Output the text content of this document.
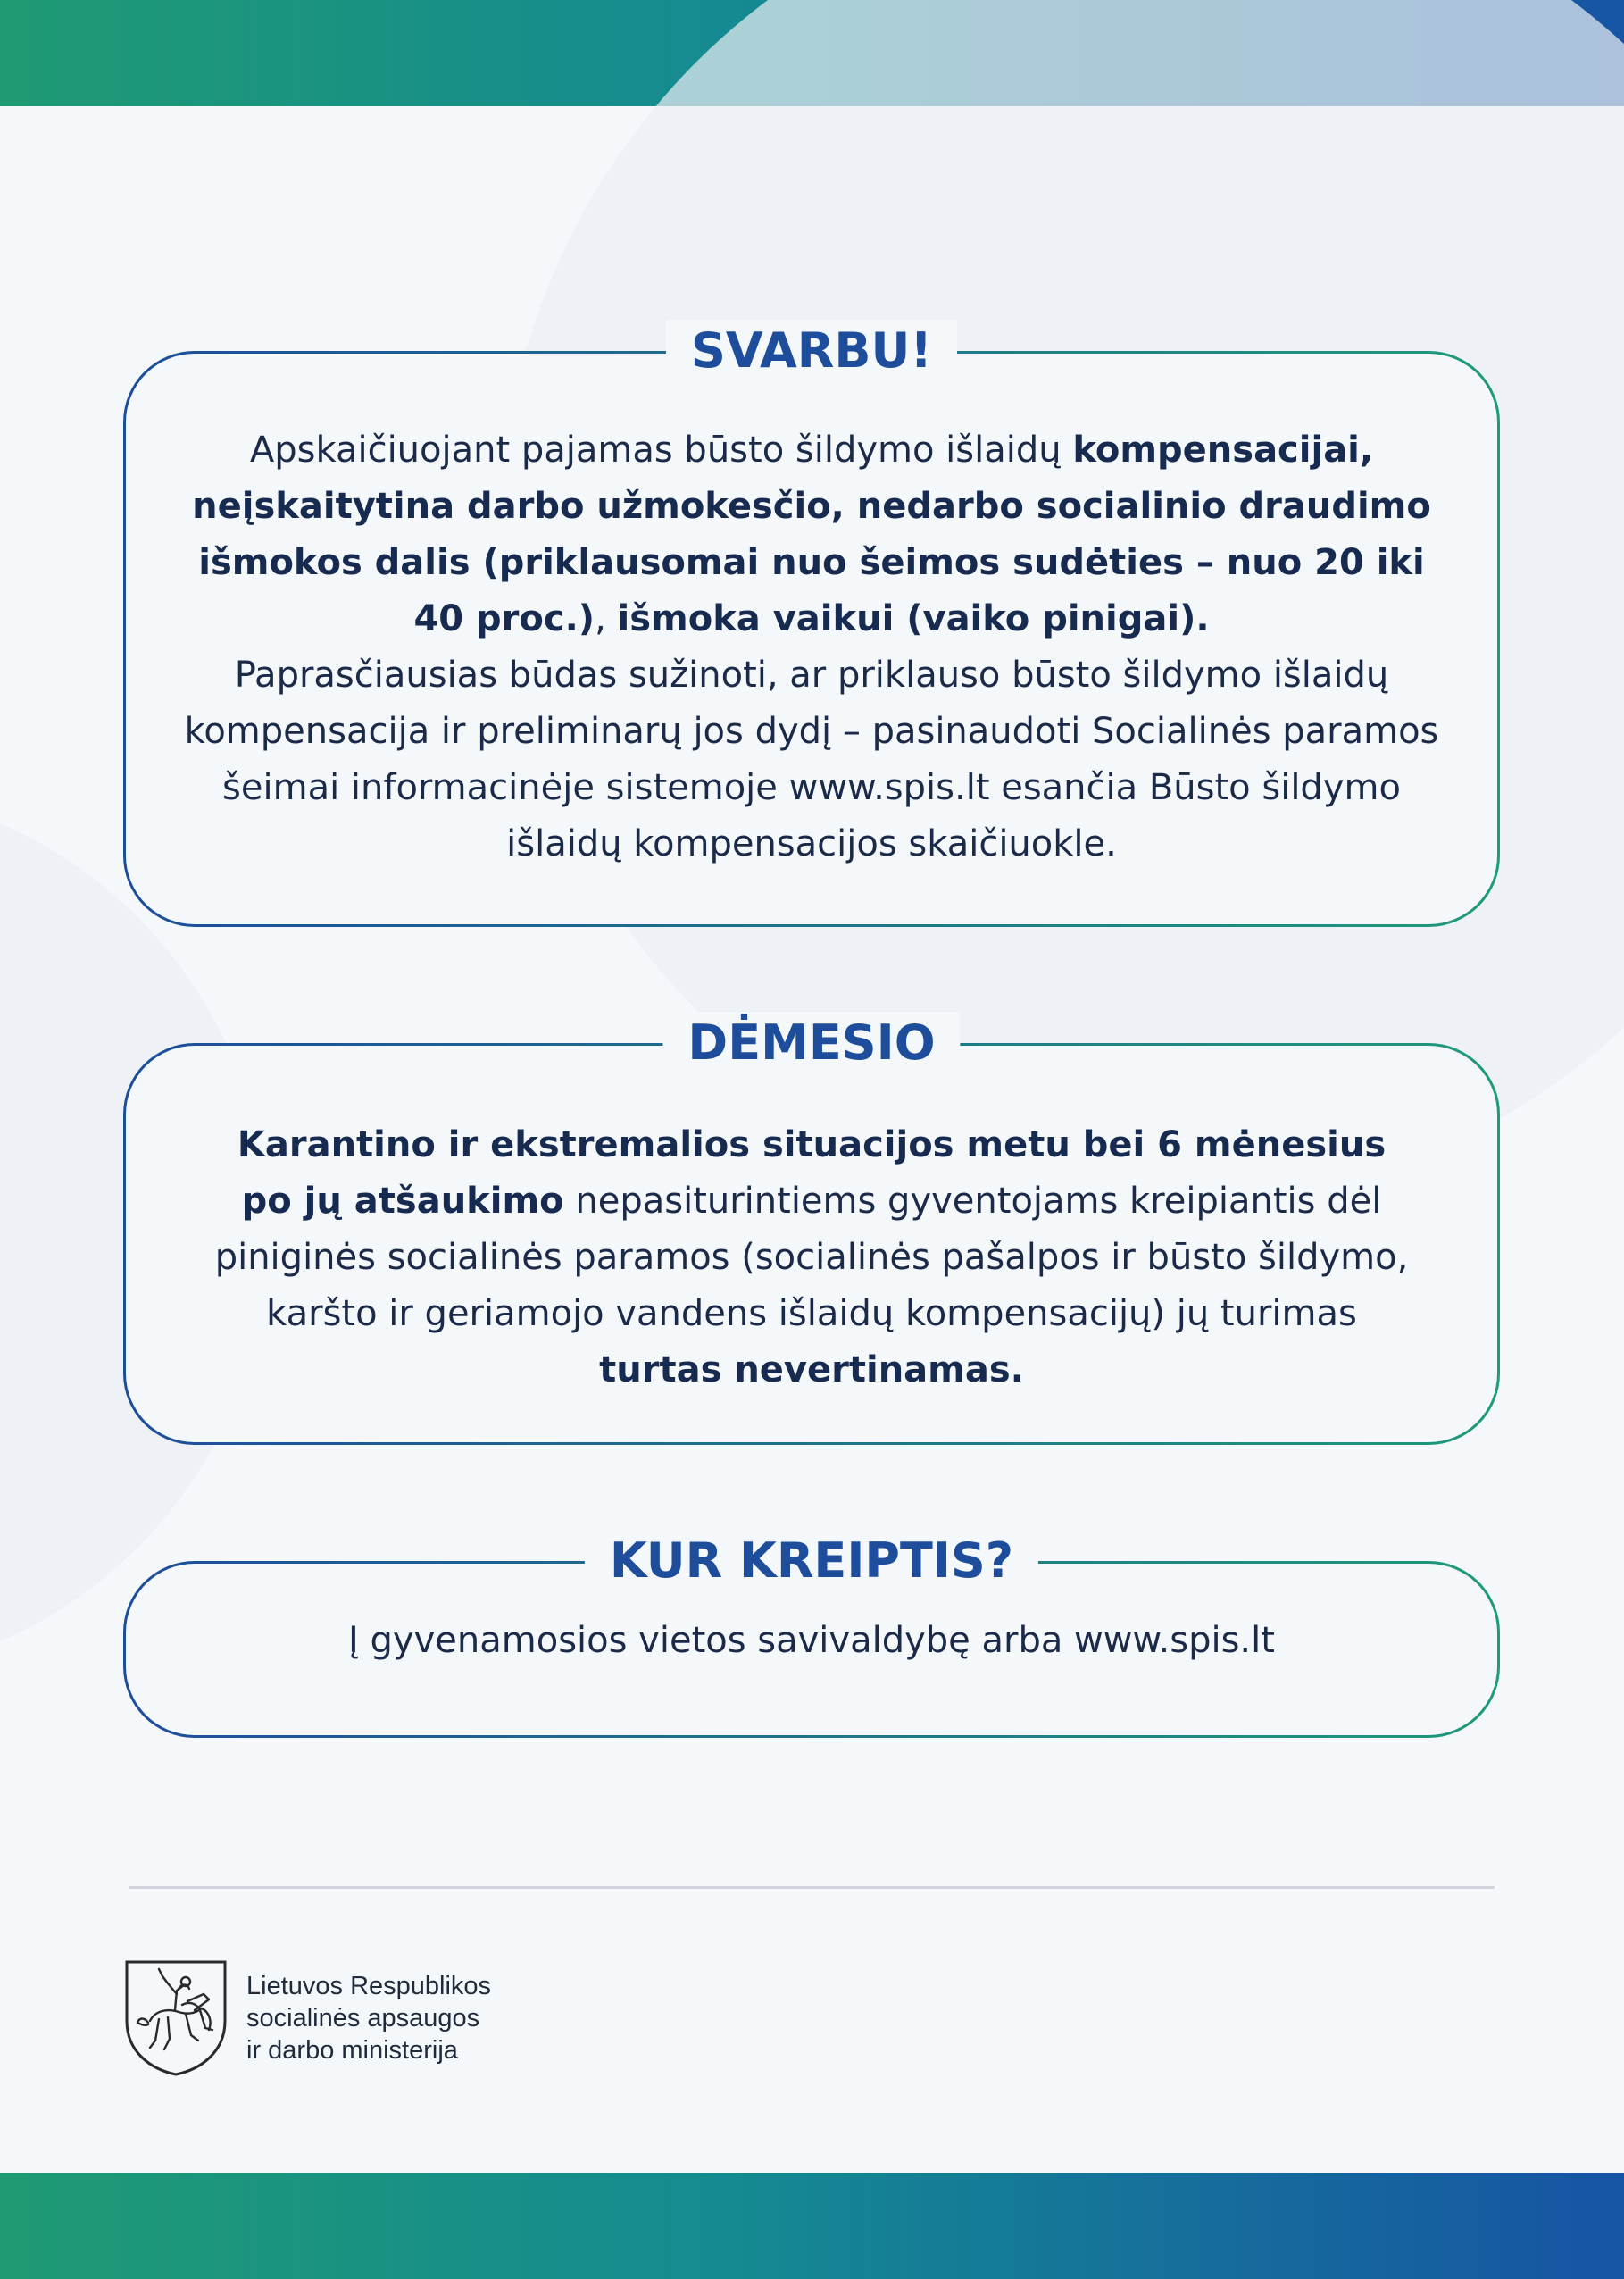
Apskaičiuojant pajamas būsto šildymo išlaidų kompensacijai, neįskaitytina darbo užmokesčio, nedarbo socialinio draudimo išmokos dalis (priklausomai nuo šeimos sudėties – nuo 20 iki 40 proc.), išmoka vaikui (vaiko pinigai).

Paprasčiausias būdas sužinoti, ar priklauso būsto šildymo išlaidų kompensacija ir preliminarų jos dydį – pasinaudoti Socialinės paramos šeimai informacinėje sistemoje www.spis.lt esančia Būsto šildymo išlaidų kompensacijos skaičiuokle.

SVARBU!

Karantino ir ekstremalios situacijos metu bei 6 mėnesius po jų atšaukimo nepasiturintiems gyventojams kreipiantis dėl piniginės socialinės paramos (socialinės pašalpos ir būsto šildymo, karšto ir geriamojo vandens išlaidų kompensacijų) jų turimas turtas nevertinamas.

DĖMESIO

Į gyvenamosios vietos savivaldybę arba www.spis.lt

KUR KREIPTIS?
Lietuvos Respublikos
socialinės apsaugos
ir darbo ministerija
